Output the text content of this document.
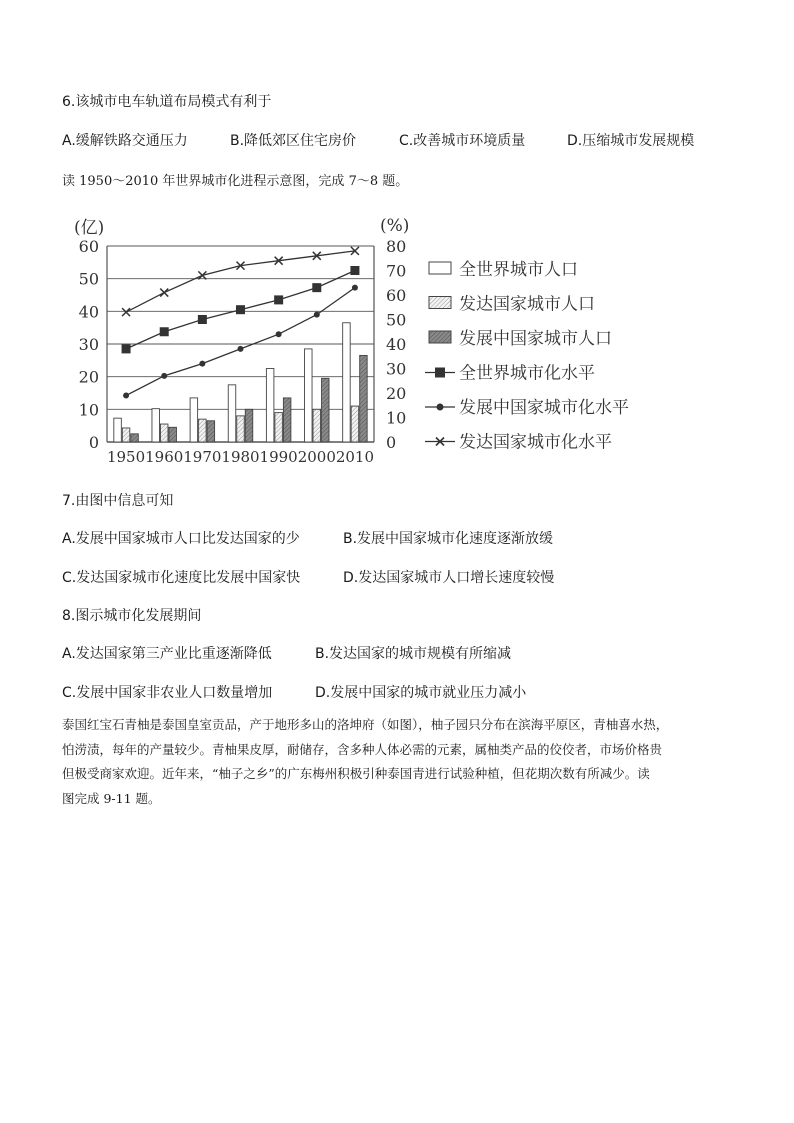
6.该城市电车轨道布局模式有利于
A.缓解铁路交通压力	B.降低郊区住宅房价	C.改善城市环境质量	D.压缩城市发展规模
读 1950～2010 年世界城市化进程示意图，完成 7～8 题。
(亿)	(%)
0
10
20
30
40
50
60
0
10
20
30
40
50
60
70
80
1950 1960 1970 1980 1990 2000 2010
全世界城市人口
发达国家城市人口
发展中国家城市人口
全世界城市化水平
发展中国家城市化水平
发达国家城市化水平
7.由图中信息可知
A.发展中国家城市人口比发达国家的少	B.发展中国家城市化速度逐渐放缓
C.发达国家城市化速度比发展中国家快	D.发达国家城市人口增长速度较慢
8.图示城市化发展期间
A.发达国家第三产业比重逐渐降低	B.发达国家的城市规模有所缩减
C.发展中国家非农业人口数量增加	D.发展中国家的城市就业压力减小
泰国红宝石青柚是泰国皇室贡品，产于地形多山的洛坤府（如图），柚子园只分布在滨海平原区，青柚喜水热，
怕涝渍，每年的产量较少。青柚果皮厚，耐储存，含多种人体必需的元素，属柚类产品的佼佼者，市场价格贵
但极受商家欢迎。近年来，“柚子之乡”的广东梅州积极引种泰国青进行试验种植，但花期次数有所减少。读
图完成 9-11 题。
